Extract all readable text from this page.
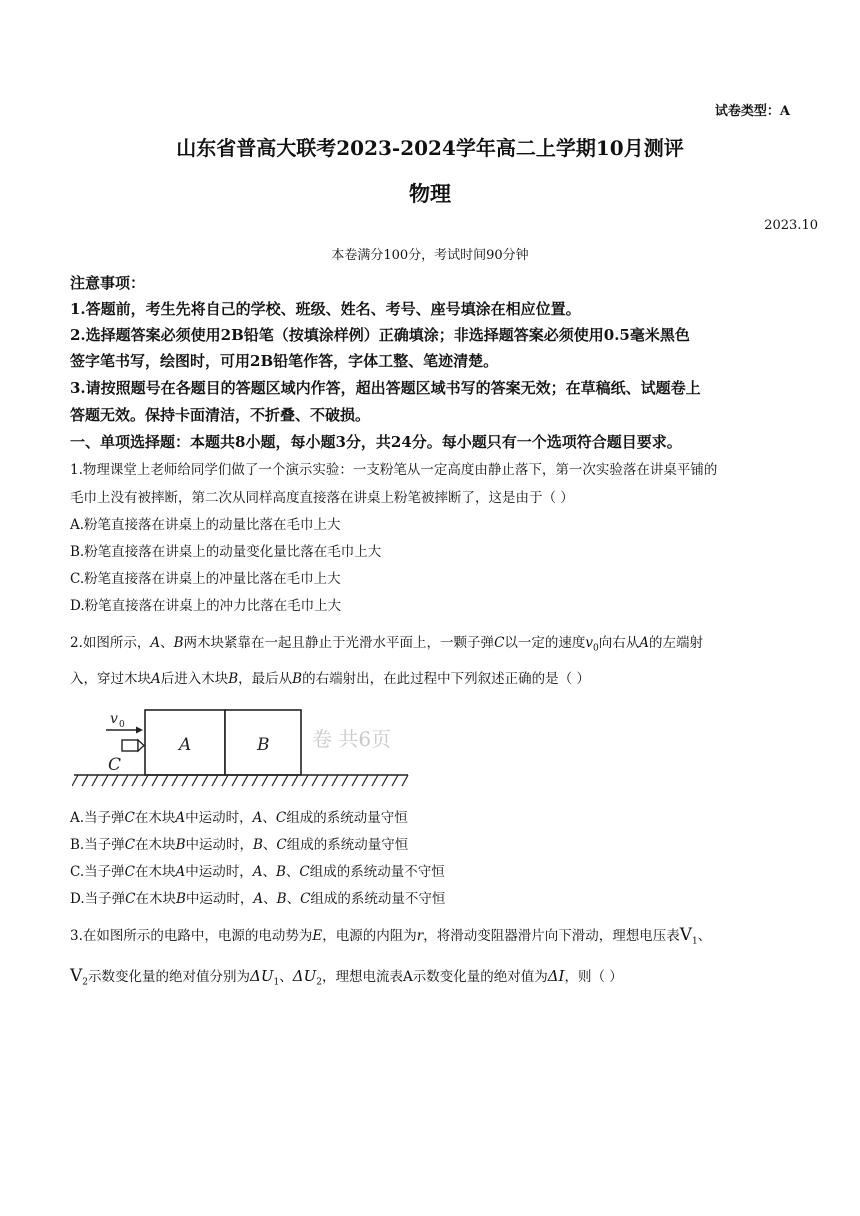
试卷类型：A
山东省普高大联考2023-2024学年高二上学期10月测评
物理
2023.10
本卷满分100分，考试时间90分钟
注意事项：
1.答题前，考生先将自己的学校、班级、姓名、考号、座号填涂在相应位置。
2.选择题答案必须使用2B铅笔（按填涂样例）正确填涂；非选择题答案必须使用0.5毫米黑色
签字笔书写，绘图时，可用2B铅笔作答，字体工整、笔迹清楚。
3.请按照题号在各题目的答题区域内作答，超出答题区域书写的答案无效；在草稿纸、试题卷上
答题无效。保持卡面清洁，不折叠、不破损。
一、单项选择题：本题共8小题，每小题3分，共24分。每小题只有一个选项符合题目要求。
1.物理课堂上老师给同学们做了一个演示实验：一支粉笔从一定高度由静止落下，第一次实验落在讲桌平铺的
毛巾上没有被摔断，第二次从同样高度直接落在讲桌上粉笔被摔断了，这是由于（ ）
A.粉笔直接落在讲桌上的动量比落在毛巾上大
B.粉笔直接落在讲桌上的动量变化量比落在毛巾上大
C.粉笔直接落在讲桌上的冲量比落在毛巾上大
D.粉笔直接落在讲桌上的冲力比落在毛巾上大
2.如图所示，A、B两木块紧靠在一起且静止于光滑水平面上，一颗子弹C以一定的速度$v_0$向右从A的左端射
入，穿过木块A后进入木块B，最后从B的右端射出，在此过程中下列叙述正确的是（ ）
卷 共6页
A	B
v 0
C
A.当子弹C在木块A中运动时，A、C组成的系统动量守恒
B.当子弹C在木块B中运动时，B、C组成的系统动量守恒
C.当子弹C在木块A中运动时，A、B、C组成的系统动量不守恒
D.当子弹C在木块B中运动时，A、B、C组成的系统动量不守恒
3.在如图所示的电路中，电源的电动势为E，电源的内阻为r，将滑动变阻器滑片向下滑动，理想电压表$V_1$、
$V_2$示数变化量的绝对值分别为$\Delta U_1$、$\Delta U_2$，理想电流表A示数变化量的绝对值为ΔI，则（ ）
